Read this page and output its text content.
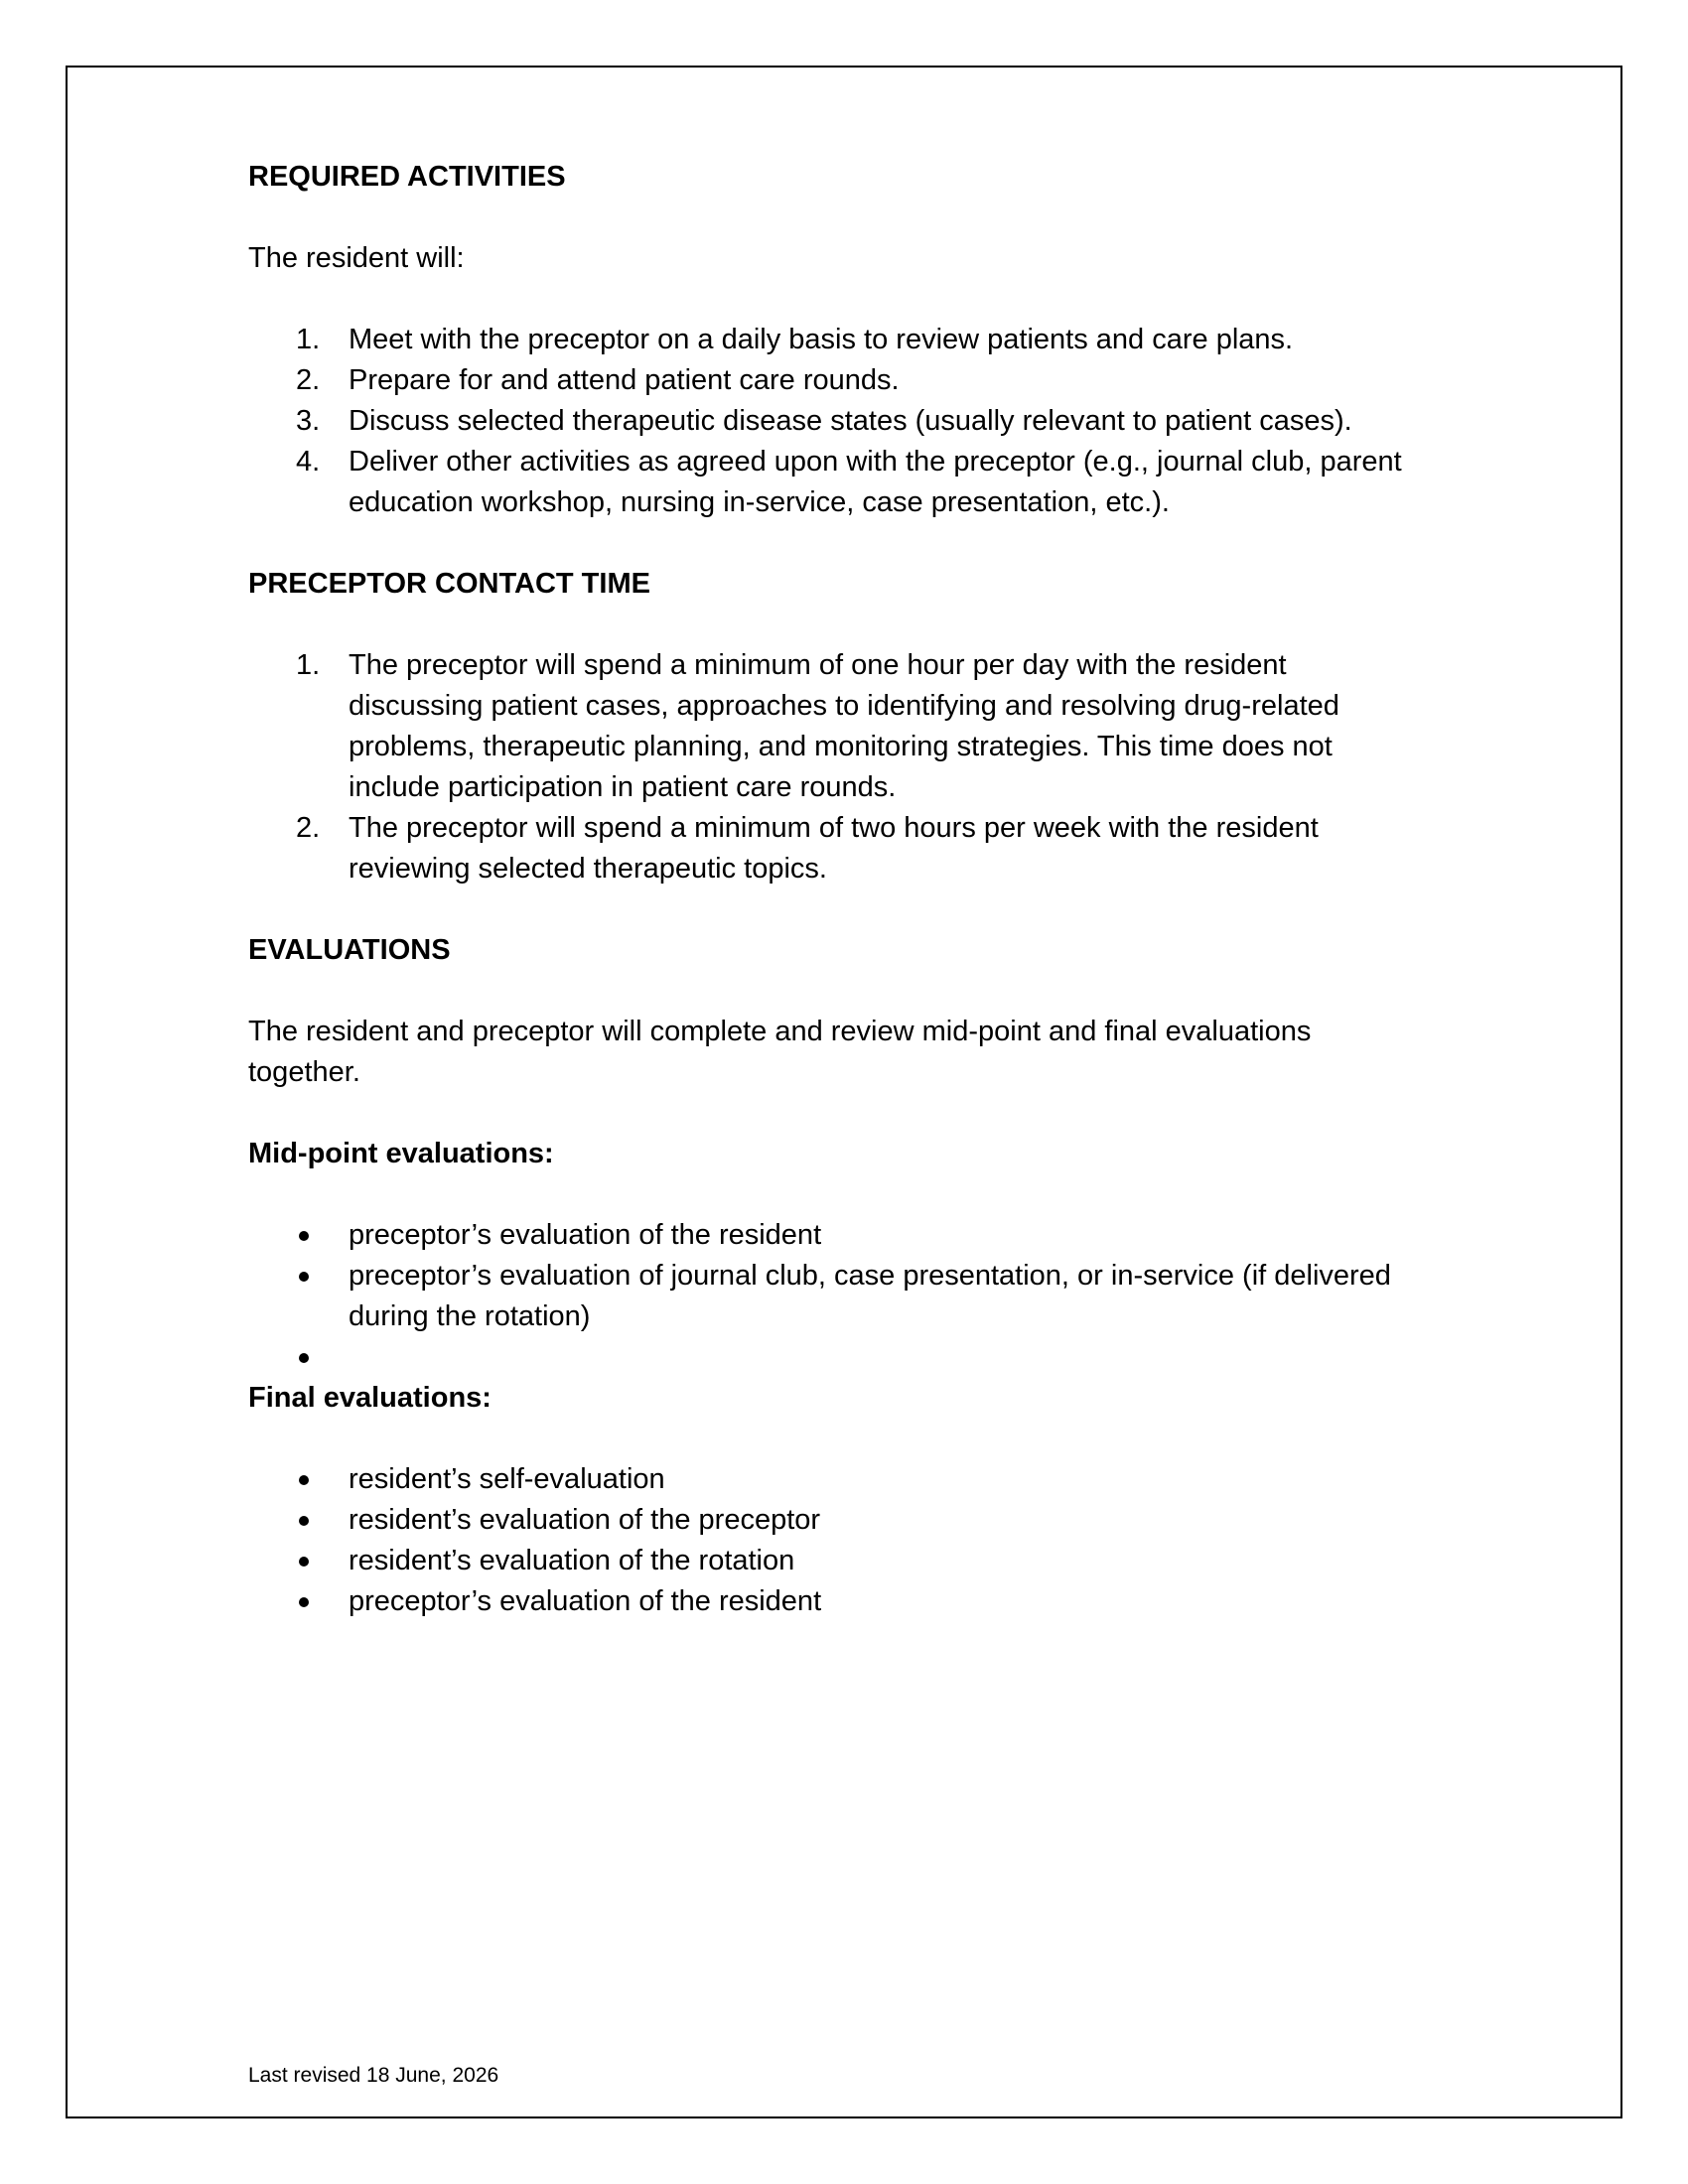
REQUIRED ACTIVITIES

The resident will:

1. Meet with the preceptor on a daily basis to review patients and care plans.
2. Prepare for and attend patient care rounds.
3. Discuss selected therapeutic disease states (usually relevant to patient cases).
4. Deliver other activities as agreed upon with the preceptor (e.g., journal club, parent education workshop, nursing in-service, case presentation, etc.).
PRECEPTOR CONTACT TIME
1. The preceptor will spend a minimum of one hour per day with the resident discussing patient cases, approaches to identifying and resolving drug-related problems, therapeutic planning, and monitoring strategies. This time does not include participation in patient care rounds.
2. The preceptor will spend a minimum of two hours per week with the resident reviewing selected therapeutic topics.
EVALUATIONS

The resident and preceptor will complete and review mid-point and final evaluations together.

Mid-point evaluations:

preceptor’s evaluation of the resident
preceptor’s evaluation of journal club, case presentation, or in-service (if delivered during the rotation)

Final evaluations:

resident’s self-evaluation
resident’s evaluation of the preceptor
resident’s evaluation of the rotation
preceptor’s evaluation of the resident
Last revised 18 June, 2026
